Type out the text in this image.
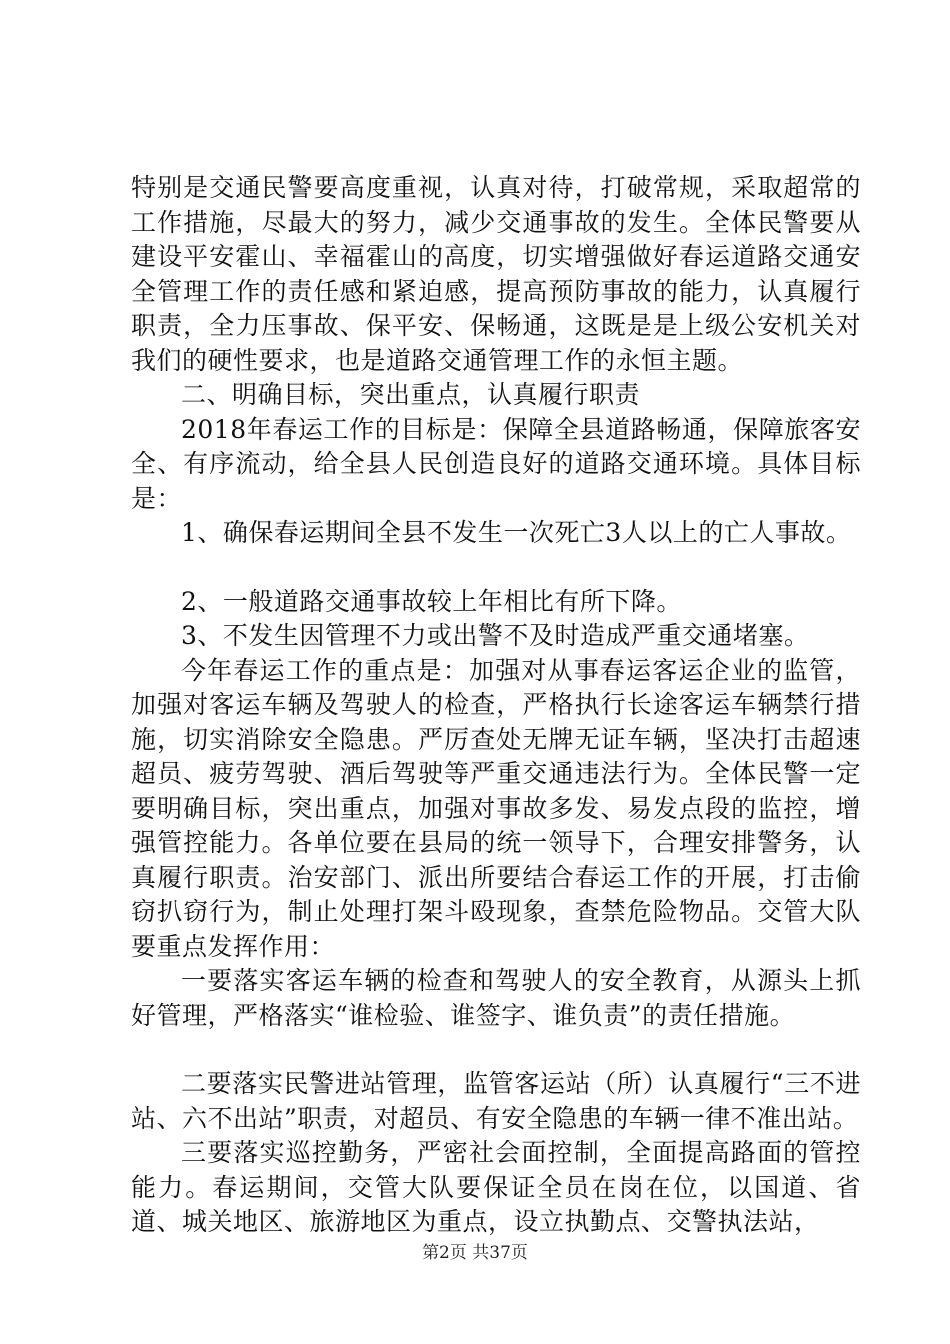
特别是交通民警要高度重视，认真对待，打破常规，采取超常的工作措施，尽最大的努力，减少交通事故的发生。全体民警要从建设平安霍山、幸福霍山的高度，切实增强做好春运道路交通安全管理工作的责任感和紧迫感，提高预防事故的能力，认真履行职责，全力压事故、保平安、保畅通，这既是是上级公安机关对我们的硬性要求，也是道路交通管理工作的永恒主题。

二、明确目标，突出重点，认真履行职责

2018年春运工作的目标是：保障全县道路畅通，保障旅客安全、有序流动，给全县人民创造良好的道路交通环境。具体目标是：

1、确保春运期间全县不发生一次死亡3人以上的亡人事故。

2、一般道路交通事故较上年相比有所下降。

3、不发生因管理不力或出警不及时造成严重交通堵塞。

今年春运工作的重点是：加强对从事春运客运企业的监管，加强对客运车辆及驾驶人的检查，严格执行长途客运车辆禁行措施，切实消除安全隐患。严厉查处无牌无证车辆，坚决打击超速超员、疲劳驾驶、酒后驾驶等严重交通违法行为。全体民警一定要明确目标，突出重点，加强对事故多发、易发点段的监控，增强管控能力。各单位要在县局的统一领导下，合理安排警务，认真履行职责。治安部门、派出所要结合春运工作的开展，打击偷窃扒窃行为，制止处理打架斗殴现象，查禁危险物品。交管大队要重点发挥作用：

一要落实客运车辆的检查和驾驶人的安全教育，从源头上抓好管理，严格落实“谁检验、谁签字、谁负责”的责任措施。

二要落实民警进站管理，监管客运站（所）认真履行“三不进站、六不出站”职责，对超员、有安全隐患的车辆一律不准出站。

三要落实巡控勤务，严密社会面控制，全面提高路面的管控能力。春运期间，交管大队要保证全员在岗在位，以国道、省道、城关地区、旅游地区为重点，设立执勤点、交警执法站，

第2页 共37页
